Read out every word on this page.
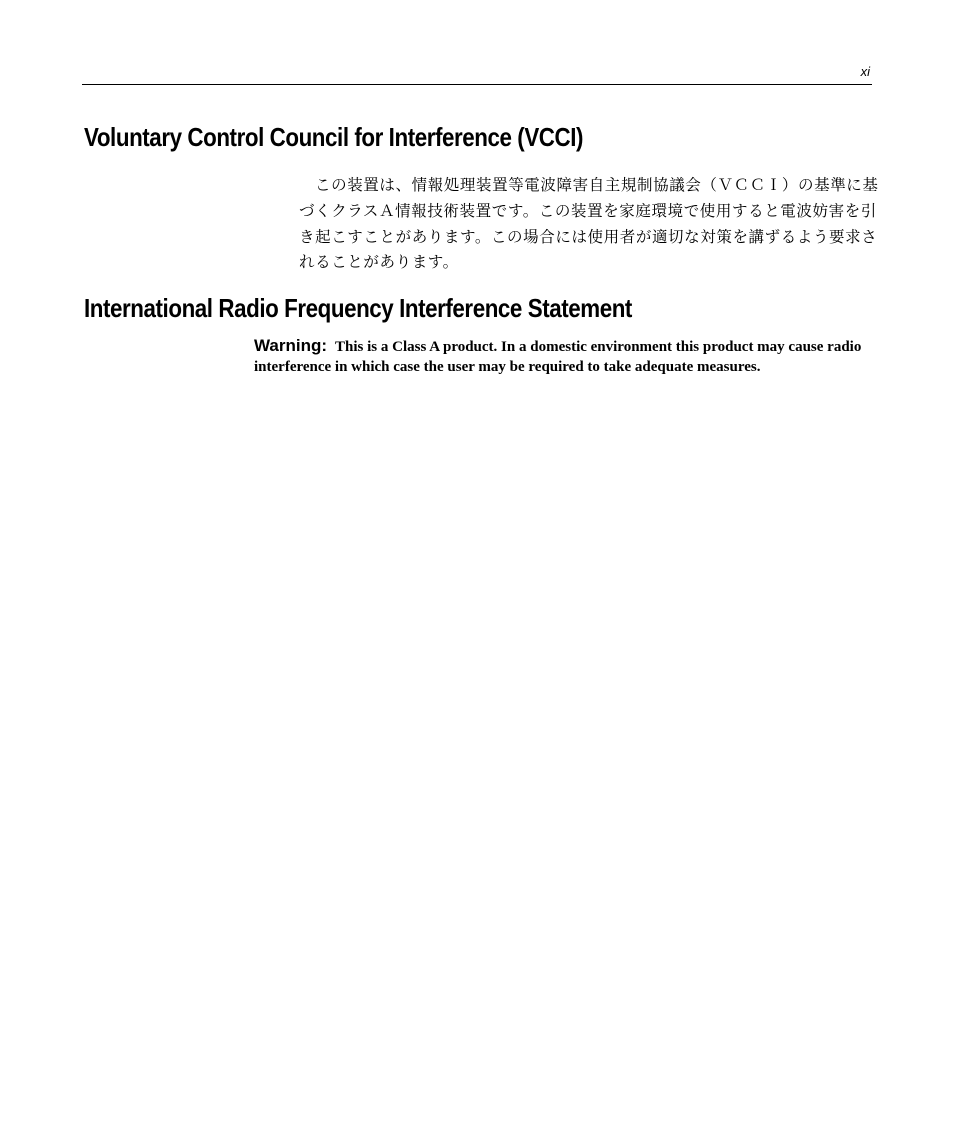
xi
Voluntary Control Council for Interference (VCCI)

この装置は、情報処理装置等電波障害自主規制協議会（ＶＣＣＩ）の基準に基づくクラスＡ情報技術装置です。この装置を家庭環境で使用すると電波妨害を引き起こすことがあります。この場合には使用者が適切な対策を講ずるよう要求されることがあります。

International Radio Frequency Interference Statement

Warning: This is a Class A product. In a domestic environment this product may cause radio interference in which case the user may be required to take adequate measures.
